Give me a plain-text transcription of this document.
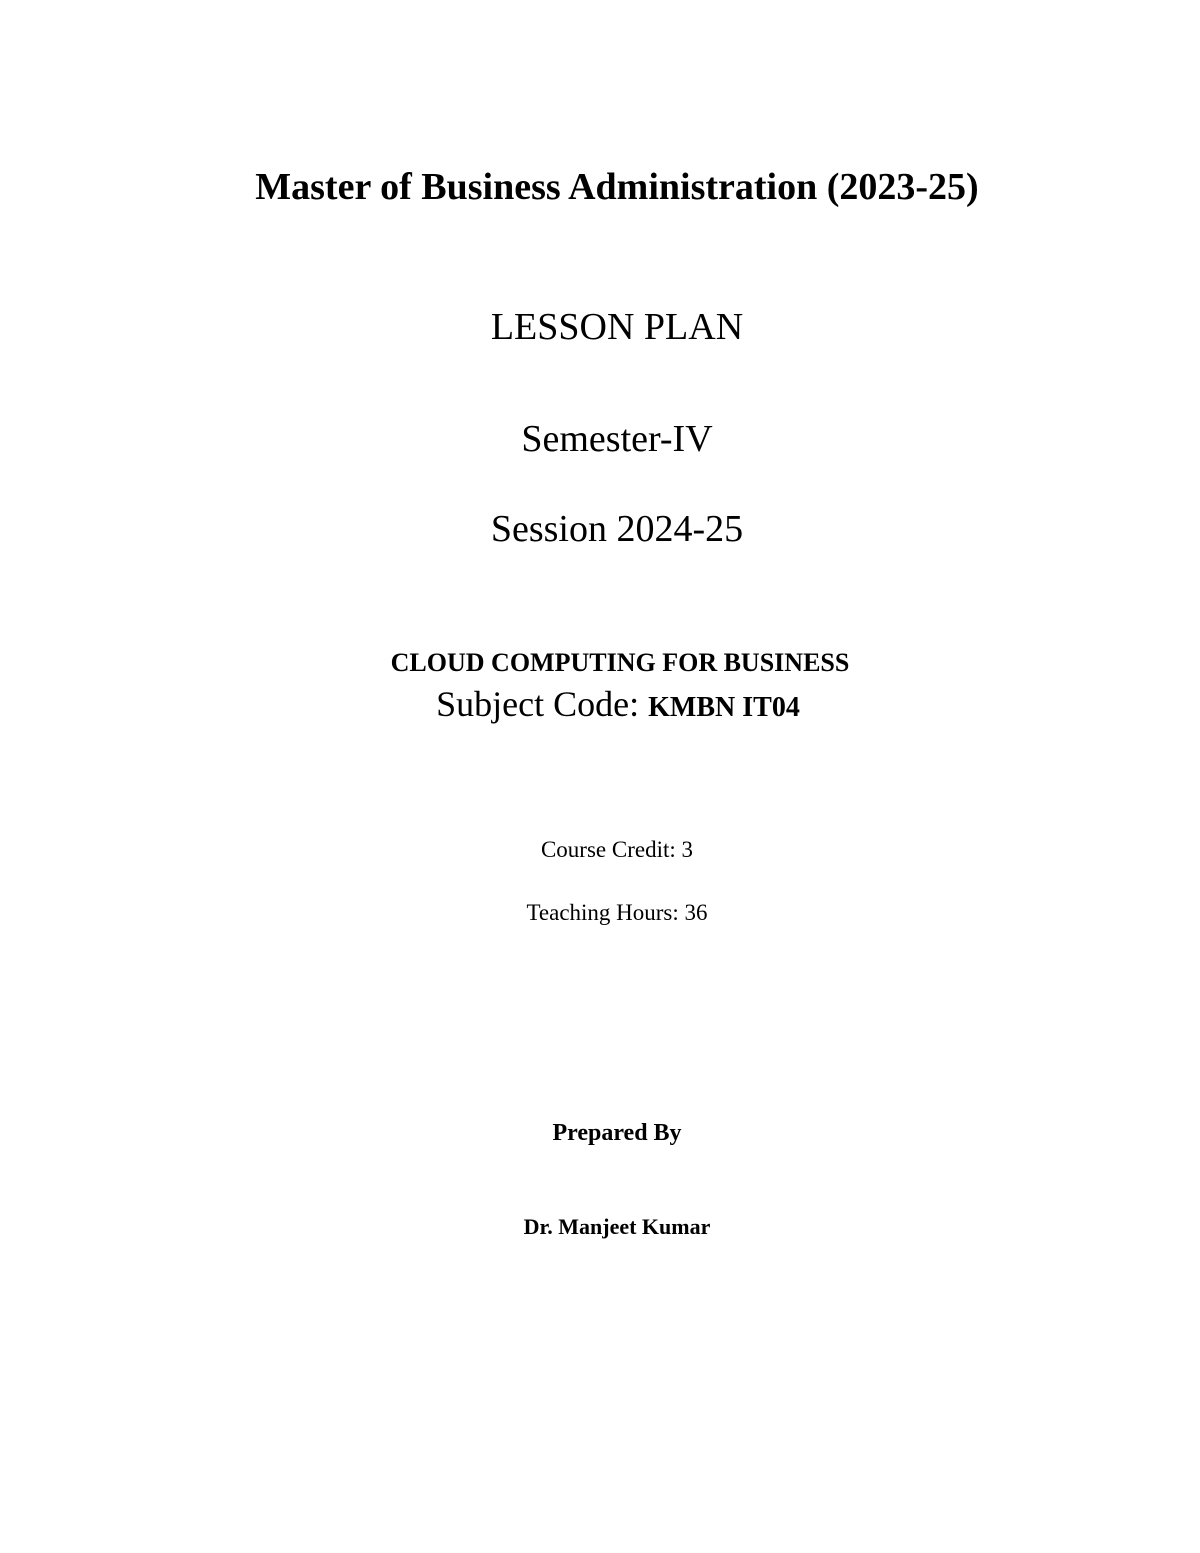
Master of Business Administration (2023-25)
LESSON PLAN
Semester-IV
Session 2024-25
CLOUD COMPUTING FOR BUSINESS
Subject Code: KMBN IT04
Course Credit: 3
Teaching Hours: 36
Prepared By
Dr. Manjeet Kumar
